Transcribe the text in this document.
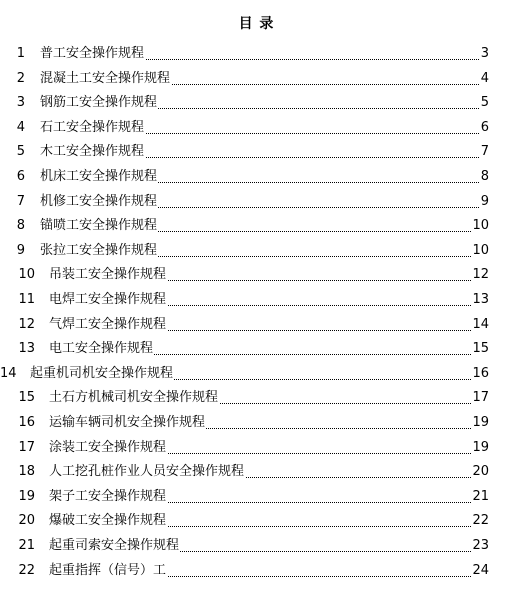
目 录
1 普工安全操作规程	3
2 混凝土工安全操作规程	4
3 钢筋工安全操作规程	5
4 石工安全操作规程	6
5 木工安全操作规程	7
6 机床工安全操作规程	8
7 机修工安全操作规程	9
8 锚喷工安全操作规程	10
9 张拉工安全操作规程	10
10 吊装工安全操作规程	12
11 电焊工安全操作规程	13
12 气焊工安全操作规程	14
13 电工安全操作规程	15
14 起重机司机安全操作规程	16
15 土石方机械司机安全操作规程	17
16 运输车辆司机安全操作规程	19
17 涂装工安全操作规程	19
18 人工挖孔桩作业人员安全操作规程	20
19 架子工安全操作规程	21
20 爆破工安全操作规程	22
21 起重司索安全操作规程	23
22 起重指挥（信号）工	24
